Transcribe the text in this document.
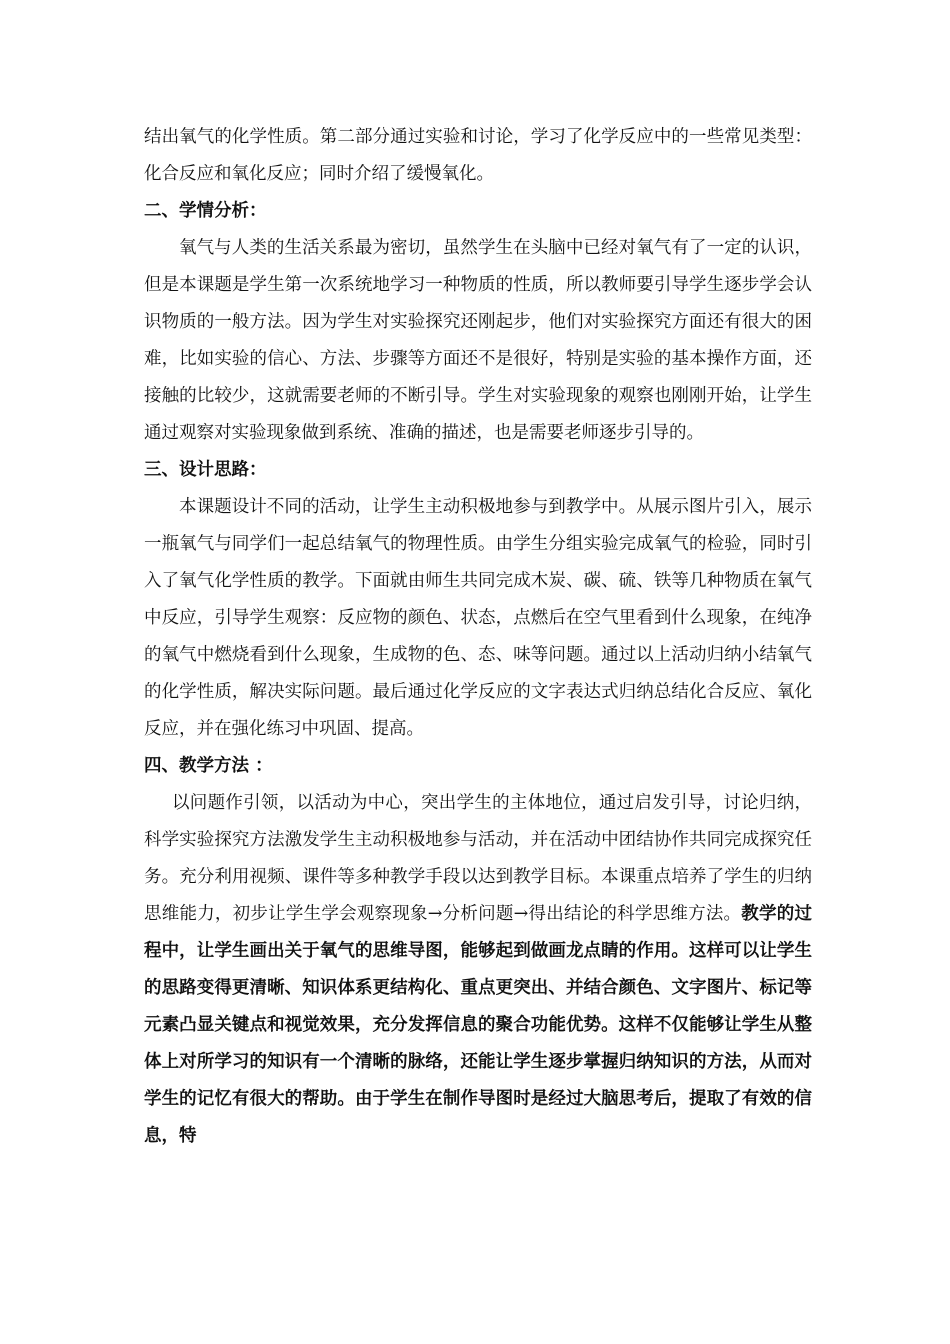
结出氧气的化学性质。第二部分通过实验和讨论，学习了化学反应中的一些常见类型：化合反应和氧化反应；同时介绍了缓慢氧化。

二、学情分析：

氧气与人类的生活关系最为密切，虽然学生在头脑中已经对氧气有了一定的认识，但是本课题是学生第一次系统地学习一种物质的性质，所以教师要引导学生逐步学会认识物质的一般方法。因为学生对实验探究还刚起步，他们对实验探究方面还有很大的困难，比如实验的信心、方法、步骤等方面还不是很好，特别是实验的基本操作方面，还接触的比较少，这就需要老师的不断引导。学生对实验现象的观察也刚刚开始，让学生通过观察对实验现象做到系统、准确的描述，也是需要老师逐步引导的。

三、设计思路：

本课题设计不同的活动，让学生主动积极地参与到教学中。从展示图片引入，展示一瓶氧气与同学们一起总结氧气的物理性质。由学生分组实验完成氧气的检验，同时引入了氧气化学性质的教学。下面就由师生共同完成木炭、碳、硫、铁等几种物质在氧气中反应，引导学生观察：反应物的颜色、状态，点燃后在空气里看到什么现象，在纯净的氧气中燃烧看到什么现象，生成物的色、态、味等问题。通过以上活动归纳小结氧气的化学性质，解决实际问题。最后通过化学反应的文字表达式归纳总结化合反应、氧化反应，并在强化练习中巩固、提高。

四、教学方法 ：

以问题作引领，以活动为中心，突出学生的主体地位，通过启发引导，讨论归纳，科学实验探究方法激发学生主动积极地参与活动，并在活动中团结协作共同完成探究任务。充分利用视频、课件等多种教学手段以达到教学目标。本课重点培养了学生的归纳思维能力，初步让学生学会观察现象→分析问题→得出结论的科学思维方法。教学的过程中，让学生画出关于氧气的思维导图，能够起到做画龙点睛的作用。这样可以让学生的思路变得更清晰、知识体系更结构化、重点更突出、并结合颜色、文字图片、标记等元素凸显关键点和视觉效果，充分发挥信息的聚合功能优势。这样不仅能够让学生从整体上对所学习的知识有一个清晰的脉络，还能让学生逐步掌握归纳知识的方法，从而对学生的记忆有很大的帮助。由于学生在制作导图时是经过大脑思考后，提取了有效的信息，特
